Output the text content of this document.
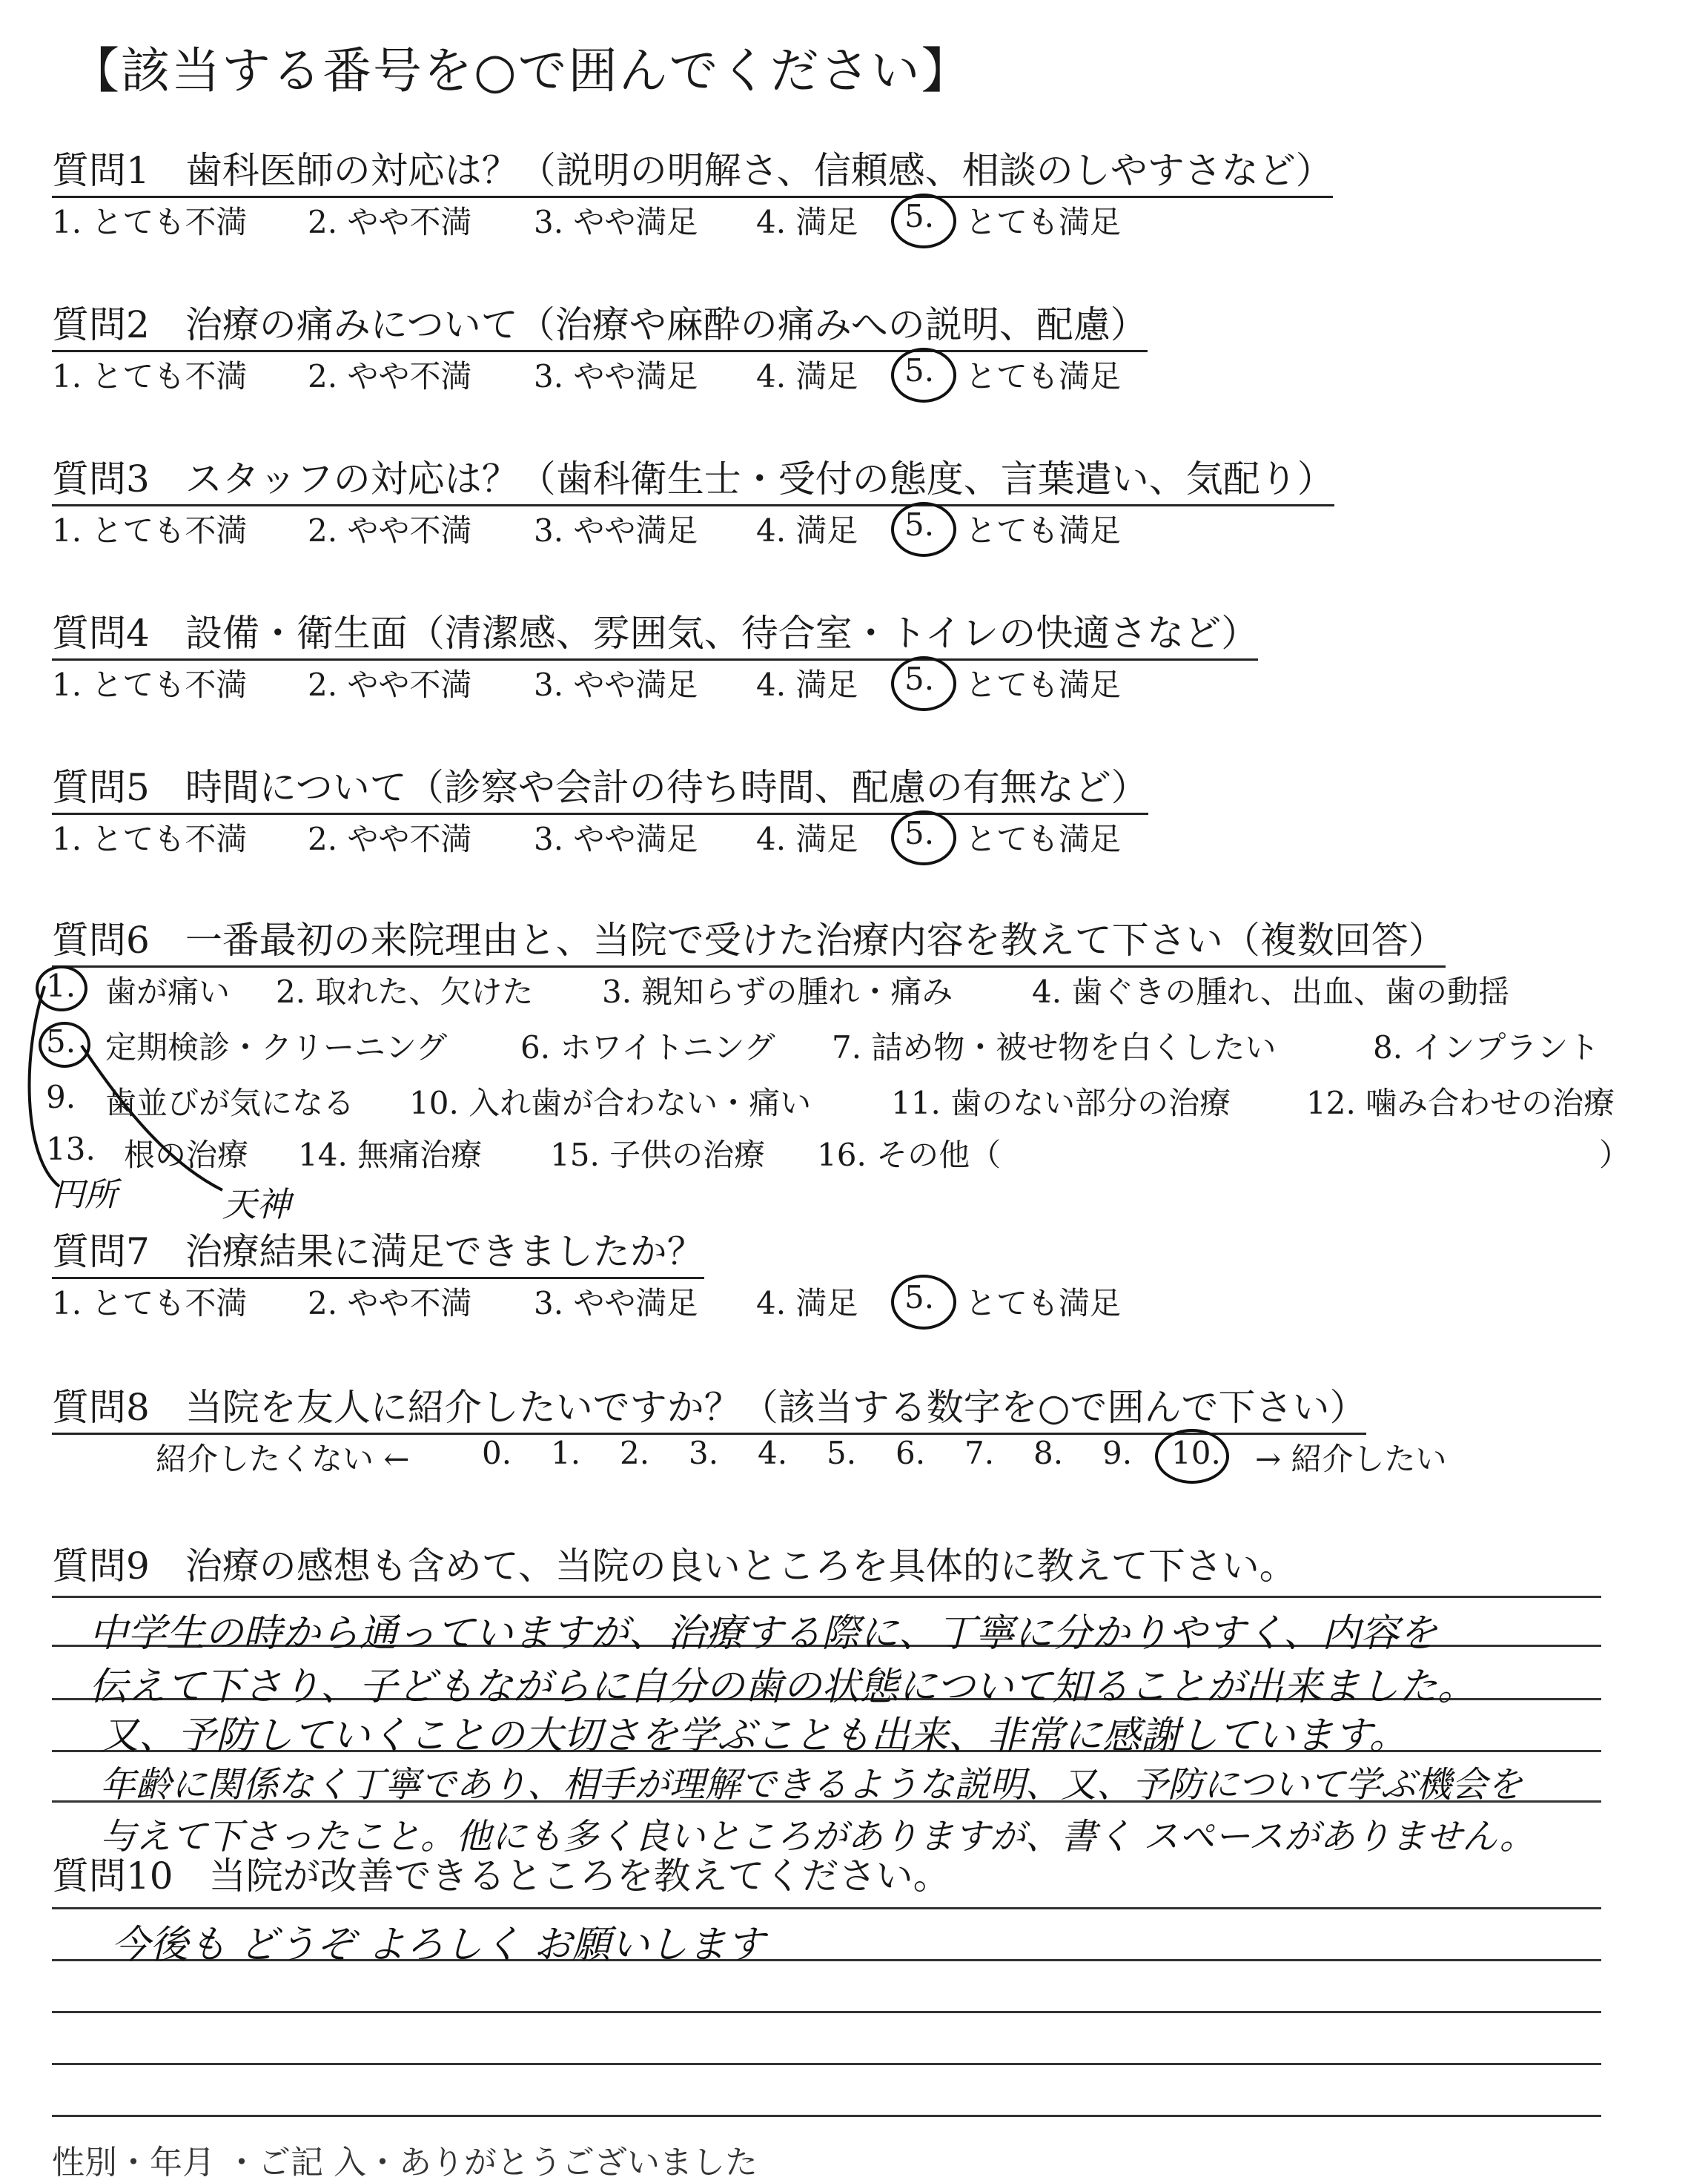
【該当する番号を○で囲んでください】
質問1 歯科医師の対応は？（説明の明解さ、信頼感、相談のしやすさなど）
1. とても不満 2. やや不満 3. やや満足 4. 満足 5. とても満足
質問2 治療の痛みについて（治療や麻酔の痛みへの説明、配慮）
1. とても不満 2. やや不満 3. やや満足 4. 満足 5. とても満足
質問3 スタッフの対応は？（歯科衛生士・受付の態度、言葉遣い、気配り）
1. とても不満 2. やや不満 3. やや満足 4. 満足 5. とても満足
質問4 設備・衛生面（清潔感、雰囲気、待合室・トイレの快適さなど）
1. とても不満 2. やや不満 3. やや満足 4. 満足 5. とても満足
質問5 時間について（診察や会計の待ち時間、配慮の有無など）
1. とても不満 2. やや不満 3. やや満足 4. 満足 5. とても満足
質問6 一番最初の来院理由と、当院で受けた治療内容を教えて下さい（複数回答）
1. 歯が痛い 2. 取れた、欠けた 3. 親知らずの腫れ・痛み	4. 歯ぐきの腫れ、出血、歯の動揺
5. 定期検診・クリーニング 6. ホワイトニング 7. 詰め物・被せ物を白くしたい	8. インプラント
9. 歯並びが気になる 10. 入れ歯が合わない・痛い	11. 歯のない部分の治療 12. 噛み合わせの治療
13. 根の治療 14. 無痛治療 15. 子供の治療 16. その他（	）
円所	天神
質問7 治療結果に満足できましたか？
1. とても不満 2. やや不満 3. やや満足 4. 満足 5. とても満足
質問8 当院を友人に紹介したいですか？（該当する数字を○で囲んで下さい）
紹介したくない ← 0. 1. 2. 3. 4. 5. 6. 7. 8. 9. 10. → 紹介したい
質問9 治療の感想も含めて、当院の良いところを具体的に教えて下さい。
中学生の時から通っていますが、治療する際に、丁寧に分かりやすく、内容を
伝えて下さり、子どもながらに自分の歯の状態について知ることが出来ました。
又、予防していくことの大切さを学ぶことも出来、非常に感謝しています。
年齢に関係なく丁寧であり、相手が理解できるような説明、又、予防について学ぶ機会を
与えて下さったこと。他にも多く良いところがありますが、書く スペースがありません。
質問10 当院が改善できるところを教えてください。
今後も どうぞ よろしく お願いします
性別・年月 ・ご記 入・ありがとうございました
